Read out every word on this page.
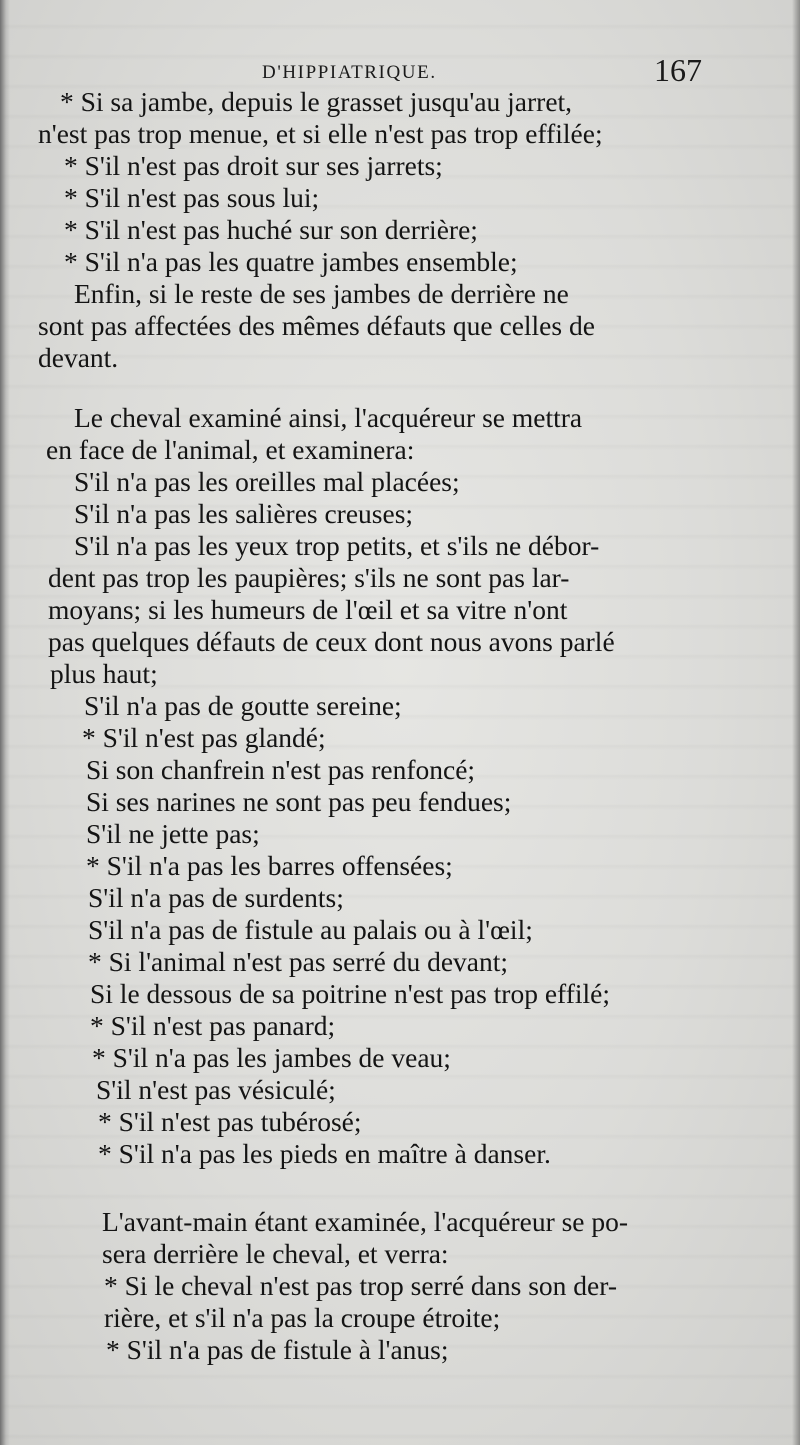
D'HIPPIATRIQUE.	167
* Si sa jambe, depuis le grasset jusqu'au jarret,
n'est pas trop menue, et si elle n'est pas trop effilée;
* S'il n'est pas droit sur ses jarrets;
* S'il n'est pas sous lui;
* S'il n'est pas huché sur son derrière;
* S'il n'a pas les quatre jambes ensemble;
Enfin, si le reste de ses jambes de derrière ne
sont pas affectées des mêmes défauts que celles de
devant.
Le cheval examiné ainsi, l'acquéreur se mettra
en face de l'animal, et examinera:
S'il n'a pas les oreilles mal placées;
S'il n'a pas les salières creuses;
S'il n'a pas les yeux trop petits, et s'ils ne débor-
dent pas trop les paupières; s'ils ne sont pas lar-
moyans; si les humeurs de l'œil et sa vitre n'ont
pas quelques défauts de ceux dont nous avons parlé
plus haut;
S'il n'a pas de goutte sereine;
* S'il n'est pas glandé;
Si son chanfrein n'est pas renfoncé;
Si ses narines ne sont pas peu fendues;
S'il ne jette pas;
* S'il n'a pas les barres offensées;
S'il n'a pas de surdents;
S'il n'a pas de fistule au palais ou à l'œil;
* Si l'animal n'est pas serré du devant;
Si le dessous de sa poitrine n'est pas trop effilé;
* S'il n'est pas panard;
* S'il n'a pas les jambes de veau;
S'il n'est pas vésiculé;
* S'il n'est pas tubérosé;
* S'il n'a pas les pieds en maître à danser.
L'avant-main étant examinée, l'acquéreur se po-
sera derrière le cheval, et verra:
* Si le cheval n'est pas trop serré dans son der-
rière, et s'il n'a pas la croupe étroite;
* S'il n'a pas de fistule à l'anus;
